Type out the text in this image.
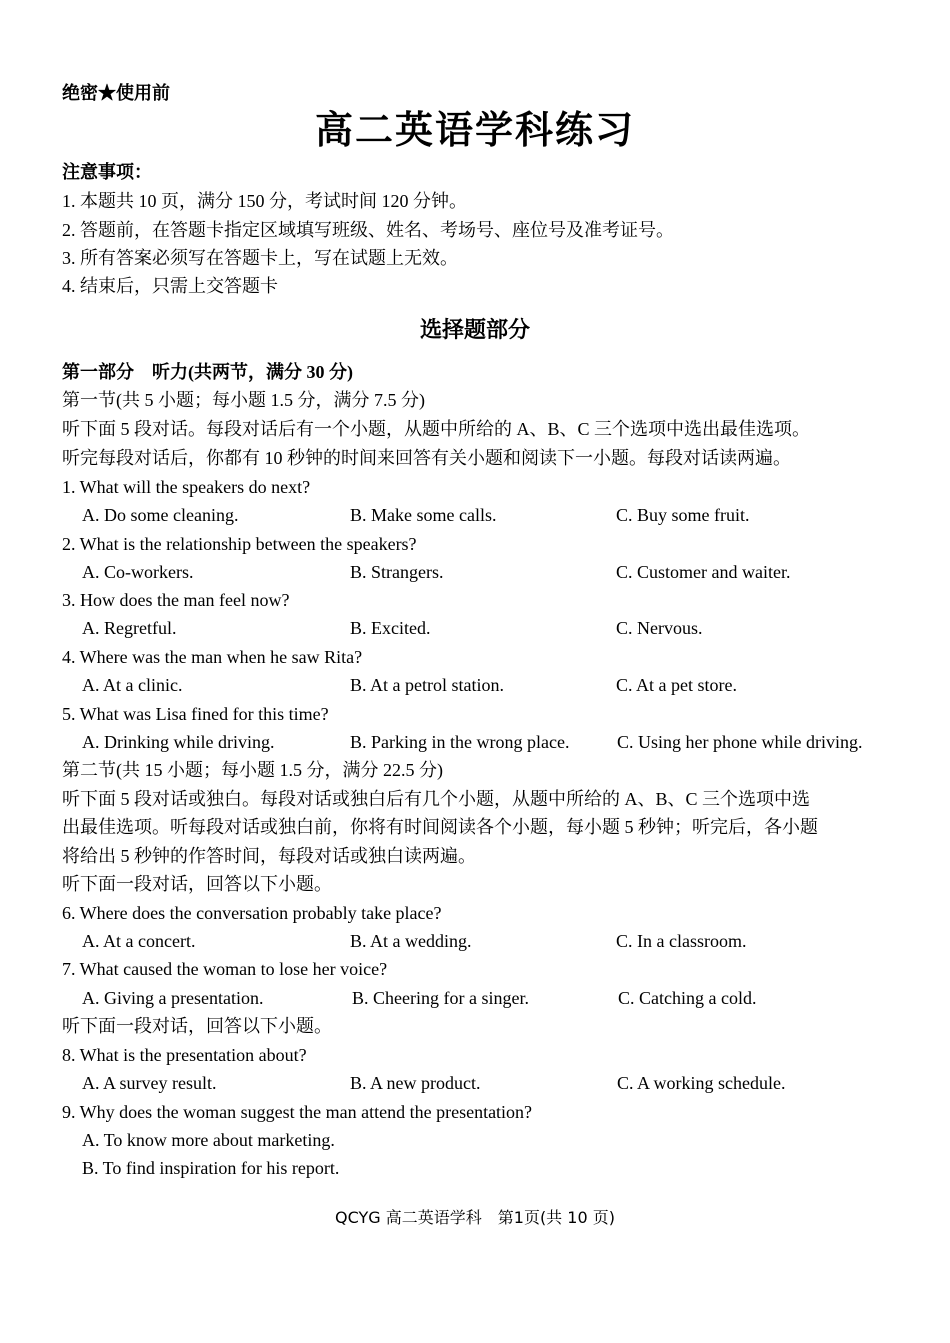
绝密★使用前
高二英语学科练习
注意事项：
1. 本题共 10 页，满分 150 分，考试时间 120 分钟。
2. 答题前，在答题卡指定区域填写班级、姓名、考场号、座位号及准考证号。
3. 所有答案必须写在答题卡上，写在试题上无效。
4. 结束后，只需上交答题卡
选择题部分
第一部分　听力(共两节，满分 30 分)
第一节(共 5 小题；每小题 1.5 分，满分 7.5 分)
听下面 5 段对话。每段对话后有一个小题，从题中所给的 A、B、C 三个选项中选出最佳选项。
听完每段对话后，你都有 10 秒钟的时间来回答有关小题和阅读下一小题。每段对话读两遍。
1. What will the speakers do next?
A. Do some cleaning.	B. Make some calls.	C. Buy some fruit.
2. What is the relationship between the speakers?
A. Co-workers.	B. Strangers.	C. Customer and waiter.
3. How does the man feel now?
A. Regretful.	B. Excited.	C. Nervous.
4. Where was the man when he saw Rita?
A. At a clinic.	B. At a petrol station.	C. At a pet store.
5. What was Lisa fined for this time?
A. Drinking while driving.	B. Parking in the wrong place.	C. Using her phone while driving.
第二节(共 15 小题；每小题 1.5 分，满分 22.5 分)
听下面 5 段对话或独白。每段对话或独白后有几个小题，从题中所给的 A、B、C 三个选项中选
出最佳选项。听每段对话或独白前，你将有时间阅读各个小题，每小题 5 秒钟；听完后，各小题
将给出 5 秒钟的作答时间，每段对话或独白读两遍。
听下面一段对话，回答以下小题。
6. Where does the conversation probably take place?
A. At a concert.	B. At a wedding.	C. In a classroom.
7. What caused the woman to lose her voice?
A. Giving a presentation.	B. Cheering for a singer.	C. Catching a cold.
听下面一段对话，回答以下小题。
8. What is the presentation about?
A. A survey result.	B. A new product.	C. A working schedule.
9. Why does the woman suggest the man attend the presentation?
A. To know more about marketing.
B. To find inspiration for his report.
QCYG 高二英语学科　第1页(共 10 页)
